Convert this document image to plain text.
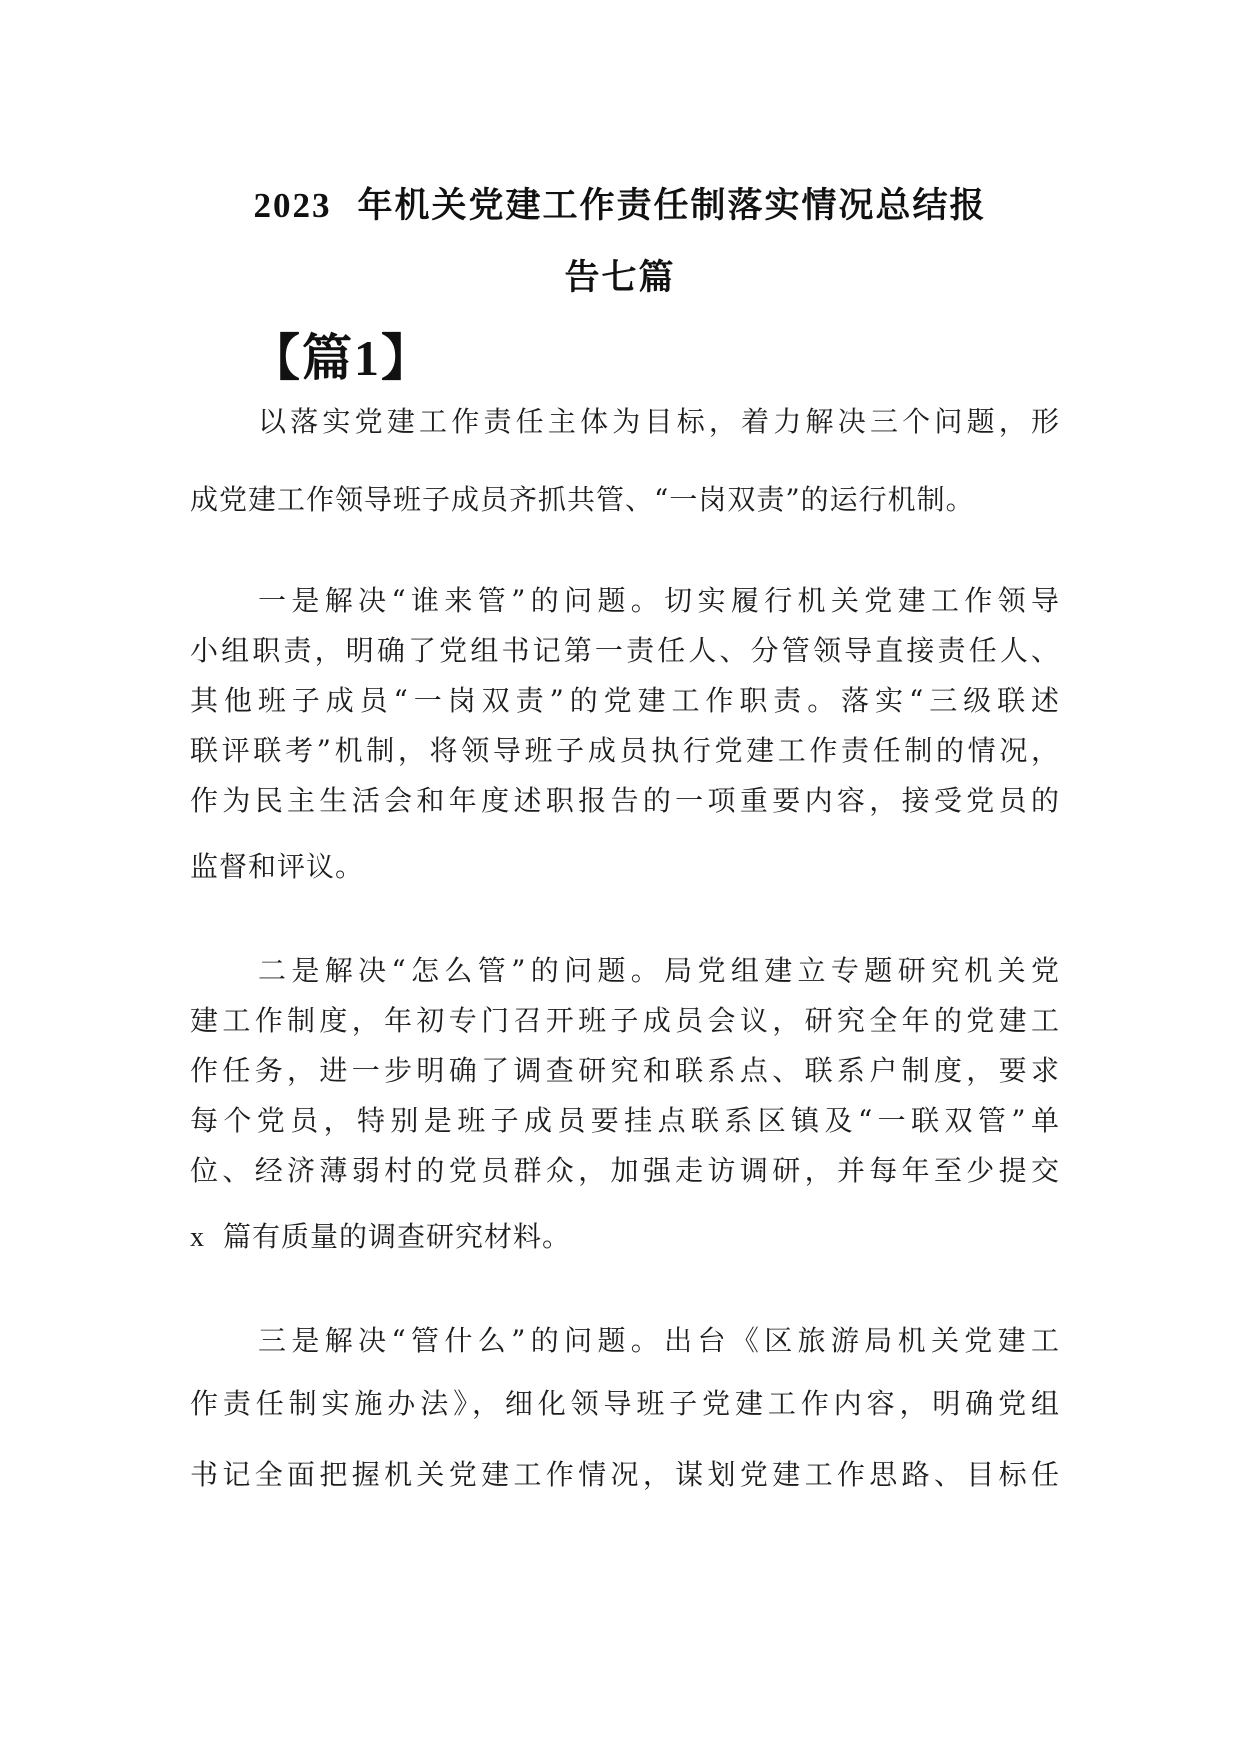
2023 年机关党建工作责任制落实情况总结报
告七篇
【篇1】
以落实党建工作责任主体为目标，着力解决三个问题，形
成党建工作领导班子成员齐抓共管、“一岗双责”的运行机制。
一是解决“谁来管”的问题。切实履行机关党建工作领导
小组职责，明确了党组书记第一责任人、分管领导直接责任人、
其他班子成员“一岗双责”的党建工作职责。落实“三级联述
联评联考”机制，将领导班子成员执行党建工作责任制的情况，
作为民主生活会和年度述职报告的一项重要内容，接受党员的
监督和评议。
二是解决“怎么管”的问题。局党组建立专题研究机关党
建工作制度，年初专门召开班子成员会议，研究全年的党建工
作任务，进一步明确了调查研究和联系点、联系户制度，要求
每个党员，特别是班子成员要挂点联系区镇及“一联双管”单
位、经济薄弱村的党员群众，加强走访调研，并每年至少提交
x 篇有质量的调查研究材料。
三是解决“管什么”的问题。出台《区旅游局机关党建工
作责任制实施办法》，细化领导班子党建工作内容，明确党组
书记全面把握机关党建工作情况，谋划党建工作思路、目标任
